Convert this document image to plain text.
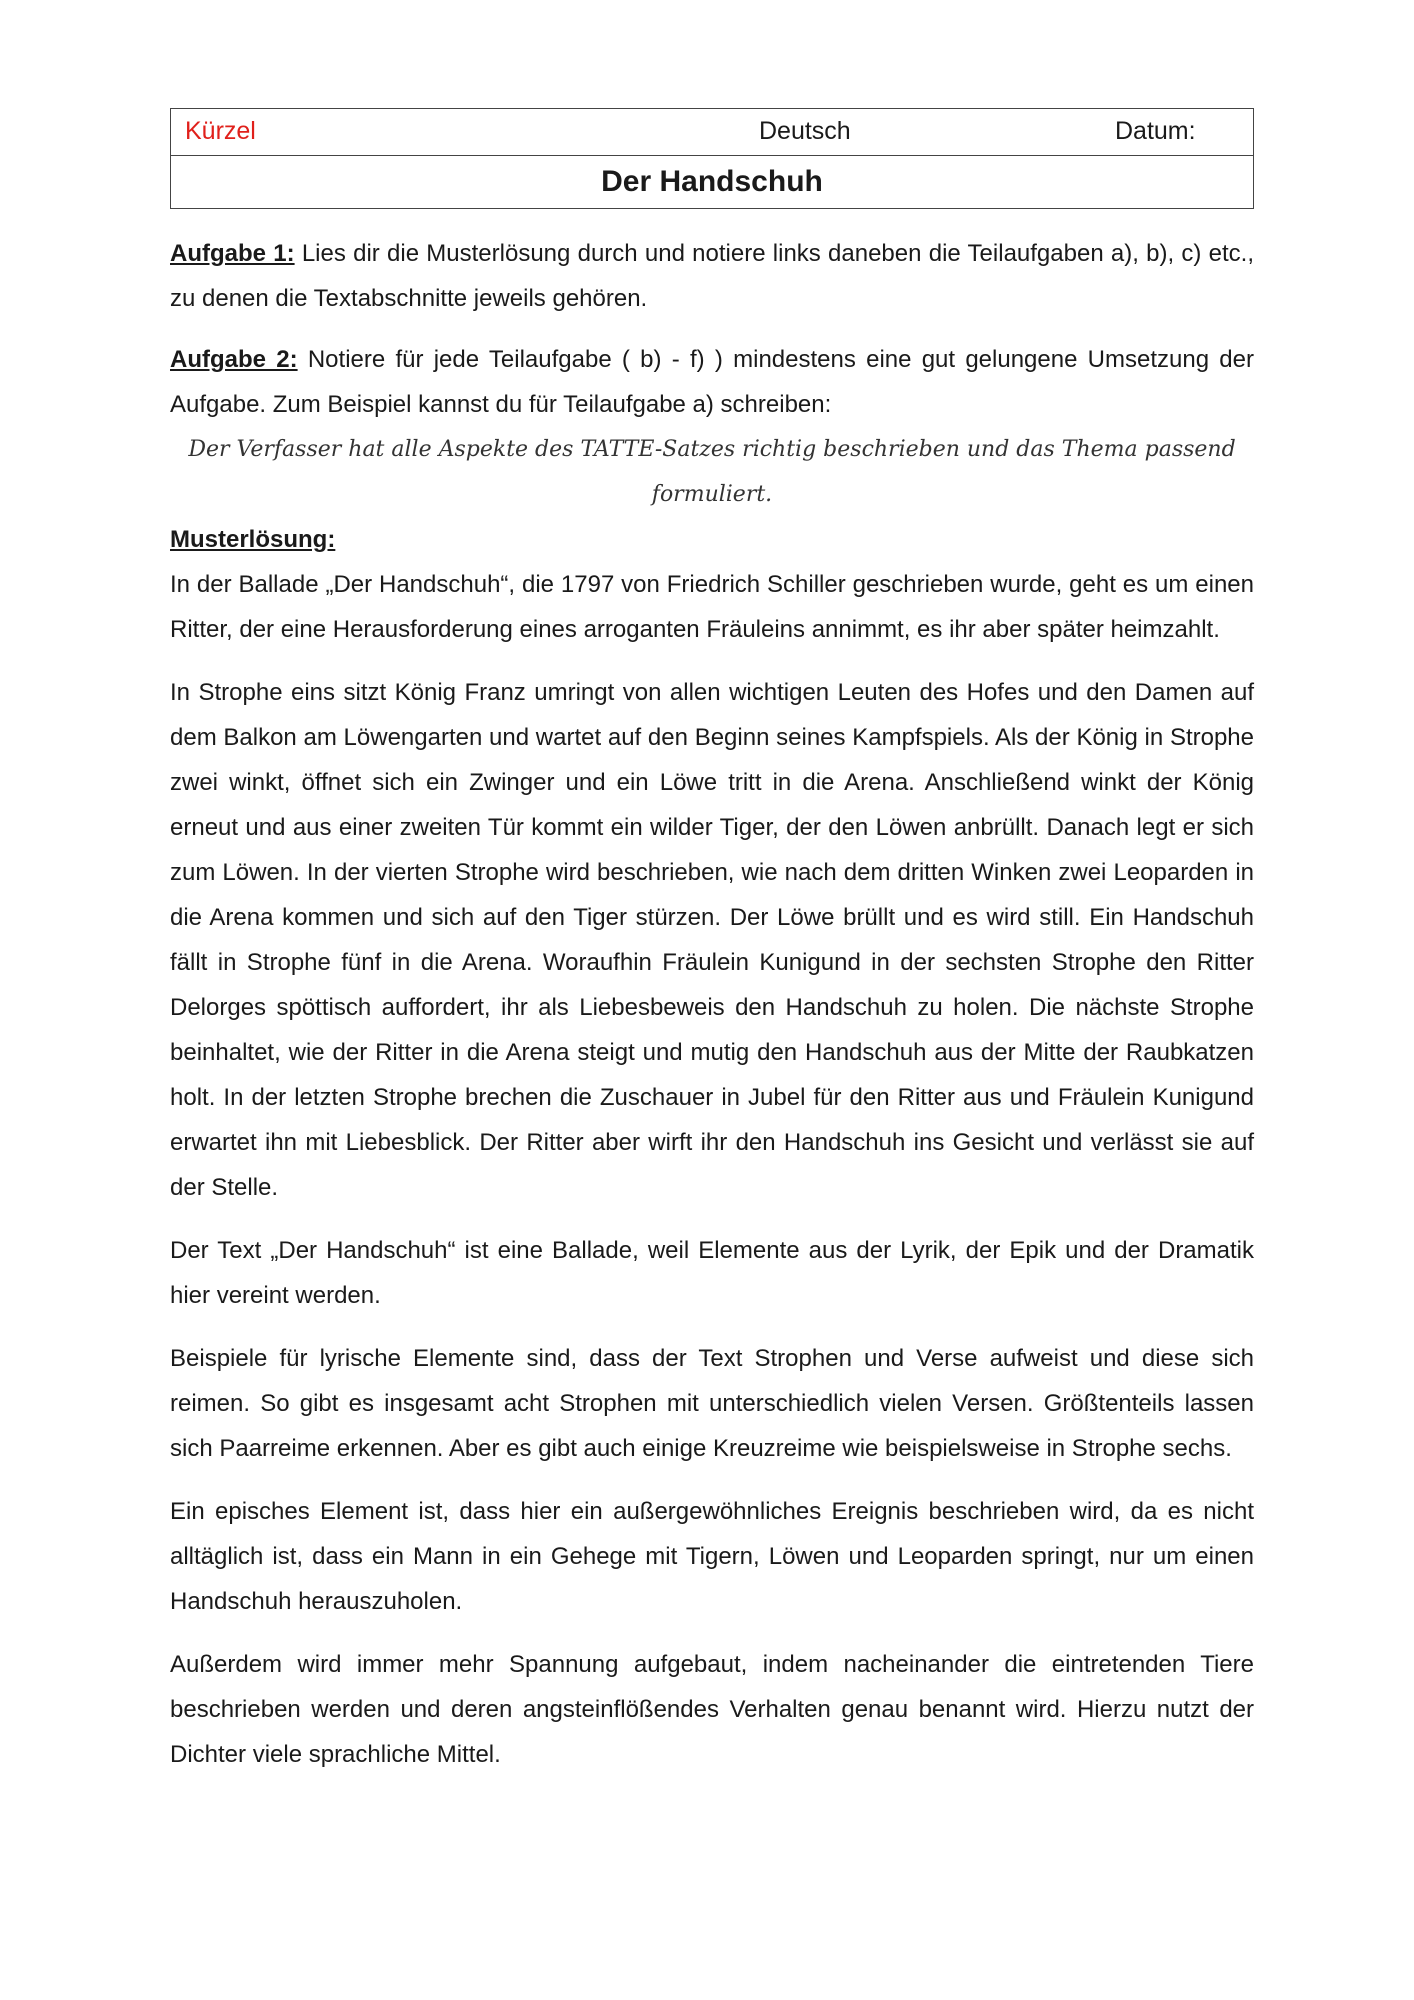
Kürzel	Deutsch	Datum:

Der Handschuh

Aufgabe 1: Lies dir die Musterlösung durch und notiere links daneben die Teilaufgaben a), b), c) etc., zu denen die Textabschnitte jeweils gehören.

Aufgabe 2: Notiere für jede Teilaufgabe ( b) - f) ) mindestens eine gut gelungene Umsetzung der Aufgabe. Zum Beispiel kannst du für Teilaufgabe a) schreiben:

Der Verfasser hat alle Aspekte des TATTE-Satzes richtig beschrieben und das Thema passend formuliert.

Musterlösung:

In der Ballade „Der Handschuh“, die 1797 von Friedrich Schiller geschrieben wurde, geht es um einen Ritter, der eine Herausforderung eines arroganten Fräuleins annimmt, es ihr aber später heimzahlt.

In Strophe eins sitzt König Franz umringt von allen wichtigen Leuten des Hofes und den Damen auf dem Balkon am Löwengarten und wartet auf den Beginn seines Kampfspiels. Als der König in Strophe zwei winkt, öffnet sich ein Zwinger und ein Löwe tritt in die Arena. Anschließend winkt der König erneut und aus einer zweiten Tür kommt ein wilder Tiger, der den Löwen anbrüllt. Danach legt er sich zum Löwen. In der vierten Strophe wird beschrieben, wie nach dem dritten Winken zwei Leoparden in die Arena kommen und sich auf den Tiger stürzen. Der Löwe brüllt und es wird still. Ein Handschuh fällt in Strophe fünf in die Arena. Woraufhin Fräulein Kunigund in der sechsten Strophe den Ritter Delorges spöttisch auffordert, ihr als Liebesbeweis den Handschuh zu holen. Die nächste Strophe beinhaltet, wie der Ritter in die Arena steigt und mutig den Handschuh aus der Mitte der Raubkatzen holt. In der letzten Strophe brechen die Zuschauer in Jubel für den Ritter aus und Fräulein Kunigund erwartet ihn mit Liebesblick. Der Ritter aber wirft ihr den Handschuh ins Gesicht und verlässt sie auf der Stelle.

Der Text „Der Handschuh“ ist eine Ballade, weil Elemente aus der Lyrik, der Epik und der Dramatik hier vereint werden.

Beispiele für lyrische Elemente sind, dass der Text Strophen und Verse aufweist und diese sich reimen. So gibt es insgesamt acht Strophen mit unterschiedlich vielen Versen. Größtenteils lassen sich Paarreime erkennen. Aber es gibt auch einige Kreuzreime wie beispielsweise in Strophe sechs.

Ein episches Element ist, dass hier ein außergewöhnliches Ereignis beschrieben wird, da es nicht alltäglich ist, dass ein Mann in ein Gehege mit Tigern, Löwen und Leoparden springt, nur um einen Handschuh herauszuholen.

Außerdem wird immer mehr Spannung aufgebaut, indem nacheinander die eintretenden Tiere beschrieben werden und deren angsteinflößendes Verhalten genau benannt wird. Hierzu nutzt der Dichter viele sprachliche Mittel.
